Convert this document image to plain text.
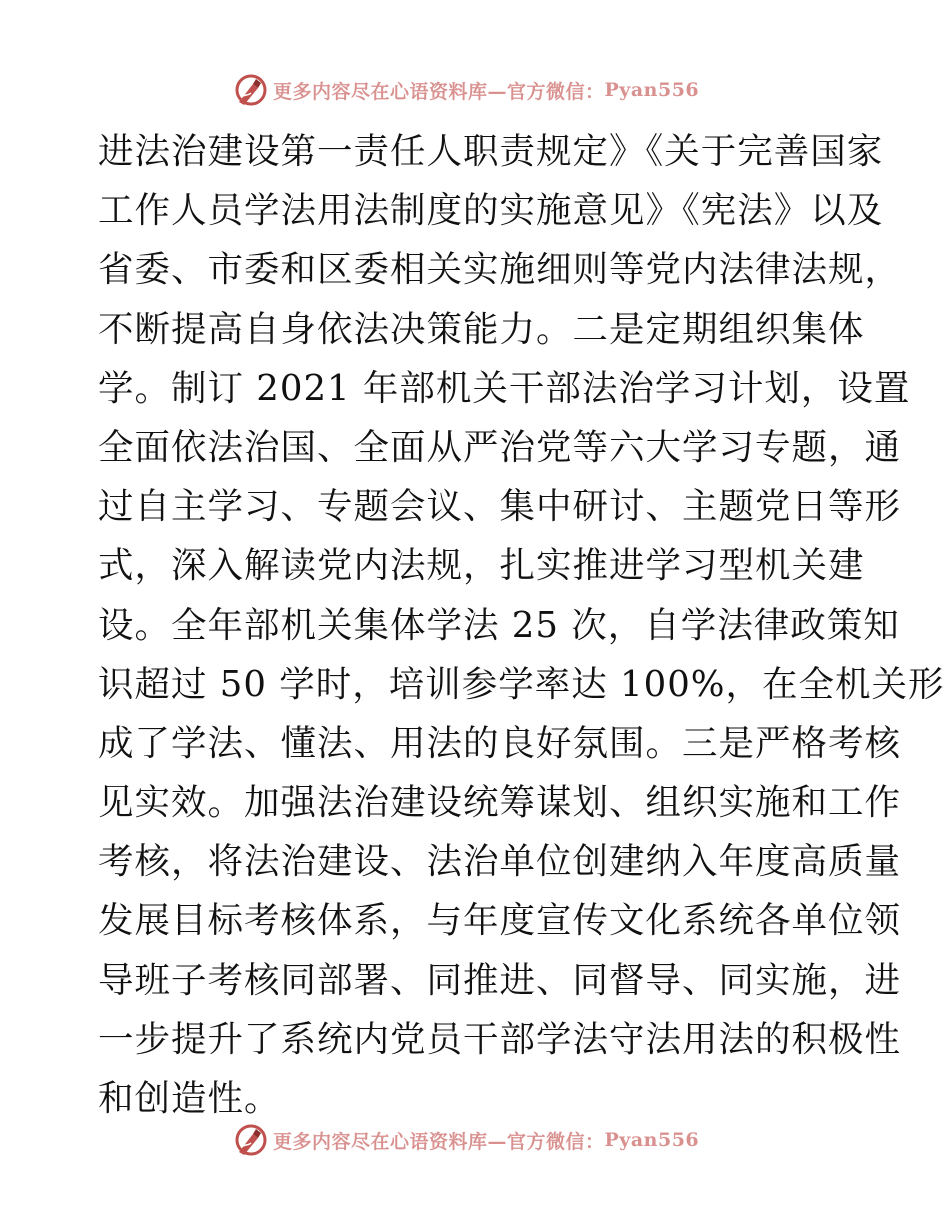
更多内容尽在心语资料库—官方微信： Pyan556
进法治建设第一责任人职责规定》《关于完善国家
工作人员学法用法制度的实施意见》《宪法》以及
省委、市委和区委相关实施细则等党内法律法规，
不断提高自身依法决策能力。二是定期组织集体
学。制订 2021 年部机关干部法治学习计划，设置
全面依法治国、全面从严治党等六大学习专题，通
过自主学习、专题会议、集中研讨、主题党日等形
式，深入解读党内法规，扎实推进学习型机关建
设。全年部机关集体学法 25 次，自学法律政策知
识超过 50 学时，培训参学率达 100%，在全机关形
成了学法、懂法、用法的良好氛围。三是严格考核
见实效。加强法治建设统筹谋划、组织实施和工作
考核，将法治建设、法治单位创建纳入年度高质量
发展目标考核体系，与年度宣传文化系统各单位领
导班子考核同部署、同推进、同督导、同实施，进
一步提升了系统内党员干部学法守法用法的积极性
和创造性。
更多内容尽在心语资料库—官方微信： Pyan556
